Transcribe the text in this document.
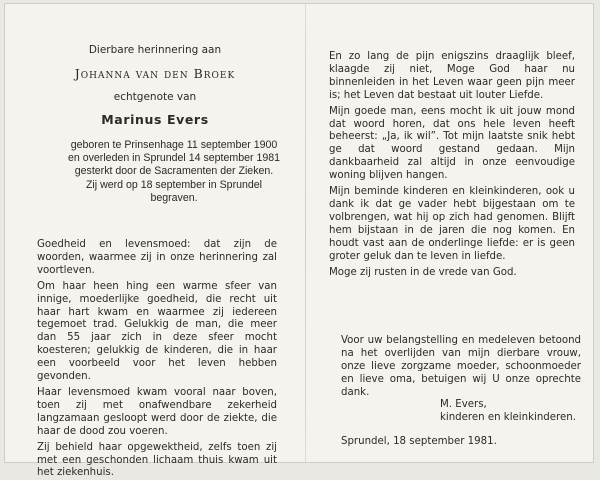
Dierbare herinnering aan
Johanna van den Broek
echtgenote van
Marinus Evers
geboren te Prinsenhage 11 september 1900
en overleden in Sprundel 14 september 1981
gesterkt door de Sacramenten der Zieken.
Zij werd op 18 september in Sprundel
begraven.

Goedheid en levensmoed: dat zijn de woorden, waarmee zij in onze herinnering zal voortleven.

Om haar heen hing een warme sfeer van innige, moederlijke goedheid, die recht uit haar hart kwam en waarmee zij iedereen tegemoet trad. Gelukkig de man, die meer dan 55 jaar zich in deze sfeer mocht koesteren; gelukkig de kinderen, die in haar een voorbeeld voor het leven hebben gevonden.

Haar levensmoed kwam vooral naar boven, toen zij met onafwendbare zekerheid langzamaan gesloopt werd door de ziekte, die haar de dood zou voeren.

Zij behield haar opgewektheid, zelfs toen zij met een geschonden lichaam thuis kwam uit het ziekenhuis.

En zo lang de pijn enigszins draaglijk bleef, klaagde zij niet, Moge God haar nu binnenleiden in het Leven waar geen pijn meer is; het Leven dat bestaat uit louter Liefde.

Mijn goede man, eens mocht ik uit jouw mond dat woord horen, dat ons hele leven heeft beheerst: „Ja, ik wil”. Tot mijn laatste snik hebt ge dat woord gestand gedaan. Mijn dankbaarheid zal altijd in onze eenvoudige woning blijven hangen.

Mijn beminde kinderen en kleinkinderen, ook u dank ik dat ge vader hebt bijgestaan om te volbrengen, wat hij op zich had genomen. Blijft hem bijstaan in de jaren die nog komen. En houdt vast aan de onderlinge liefde: er is geen groter geluk dan te leven in liefde.

Moge zij rusten in de vrede van God.

Voor uw belangstelling en medeleven betoond na het overlijden van mijn dierbare vrouw, onze lieve zorgzame moeder, schoonmoeder en lieve oma, betuigen wij U onze oprechte dank.
M. Evers,
kinderen en kleinkinderen.
Sprundel, 18 september 1981.
